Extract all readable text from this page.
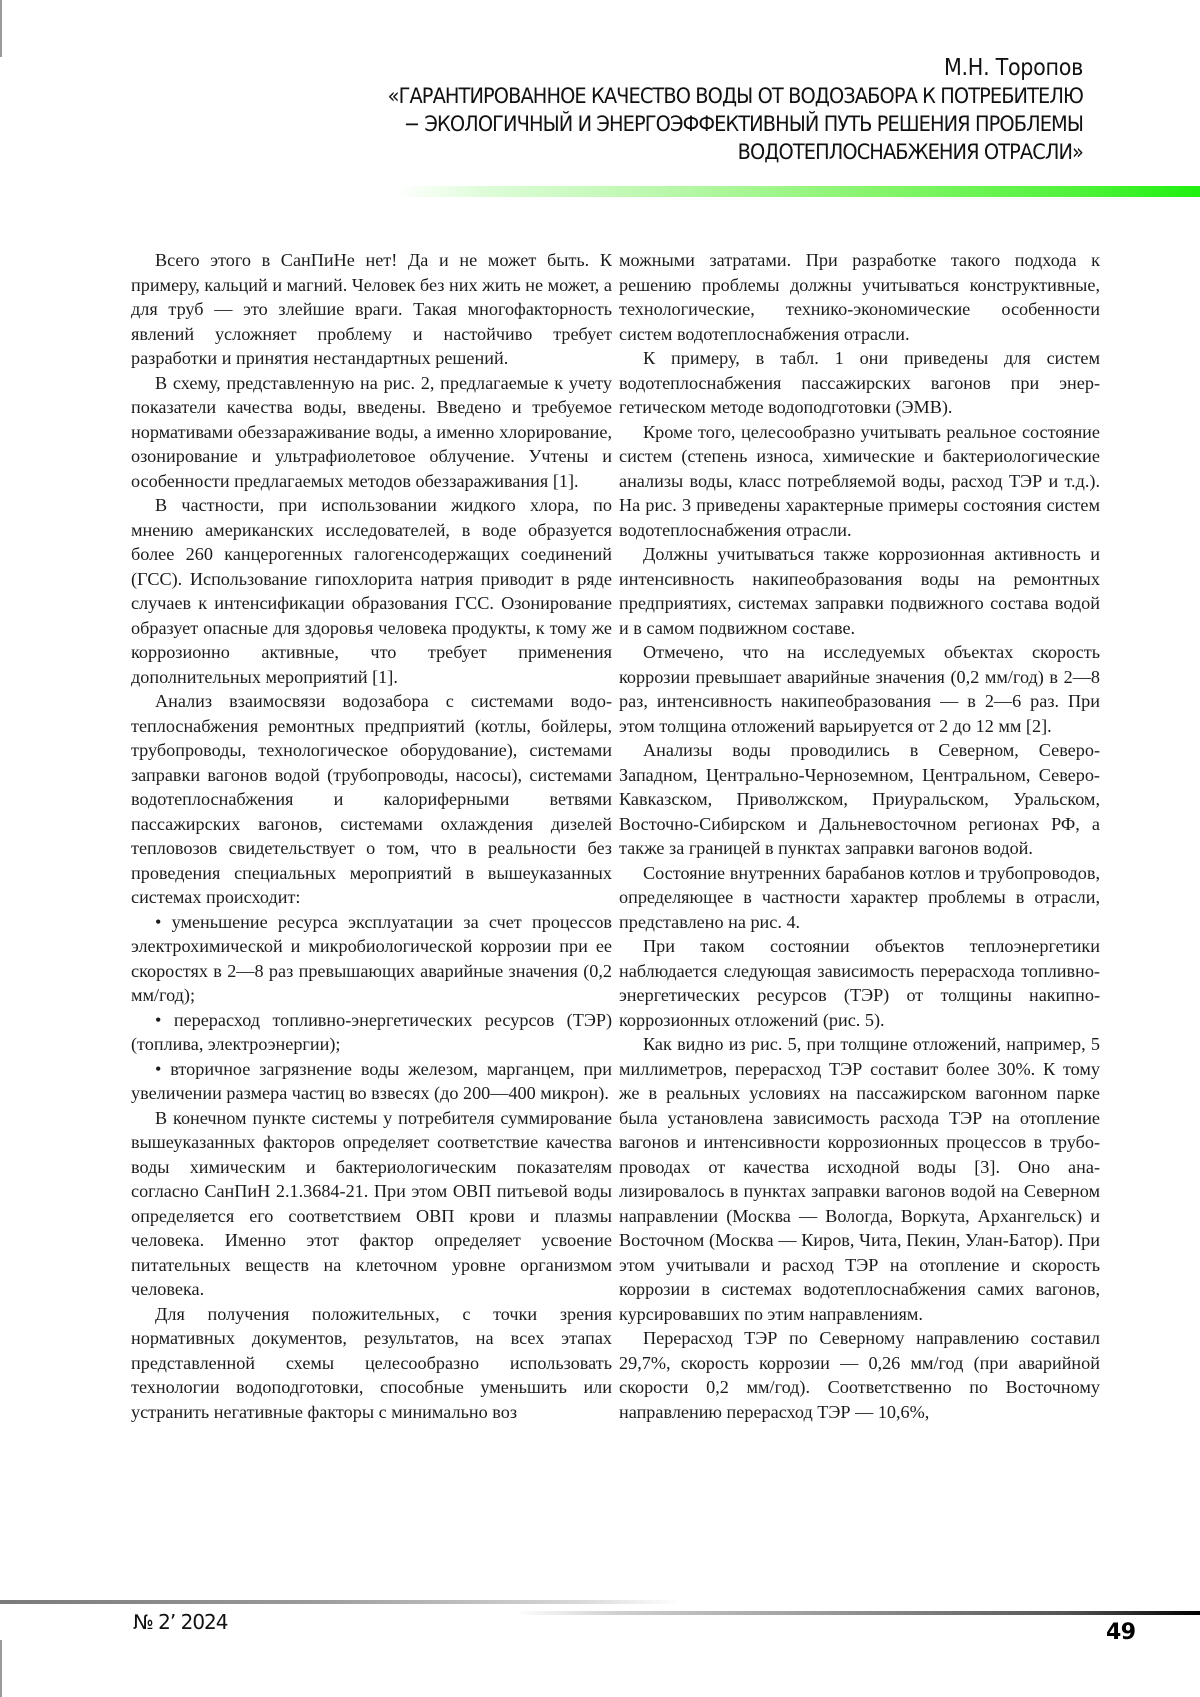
М.Н. Торопов
«ГАРАНТИРОВАННОЕ КАЧЕСТВО ВОДЫ ОТ ВОДОЗАБОРА К ПОТРЕБИТЕЛЮ
− ЭКОЛОГИЧНЫЙ И ЭНЕРГОЭФФЕКТИВНЫЙ ПУТЬ РЕШЕНИЯ ПРОБЛЕМЫ
ВОДОТЕПЛОСНАБЖЕНИЯ ОТРАСЛИ»

Всего этого в СанПиНе нет! Да и не может быть. К примеру, кальций и магний. Человек без них жить не может, а для труб — это злейшие враги. Такая многофакторность явлений усложняет проблему и настойчиво требует разработки и принятия нестандартных решений.

В схему, представленную на рис. 2, предлагаемые к учету показатели качества воды, введены. Введено и требуемое нормативами обеззараживание воды, а именно хлорирование, озонирование и ультрафиолетовое облучение. Учтены и особенности предлагаемых методов обеззараживания [1].

В частности, при использовании жидкого хлора, по мнению американских исследователей, в воде образуется более 260 канцерогенных галогенсодержащих соединений (ГСС). Использование гипохлорита натрия приводит в ряде случаев к интенсификации образования ГСС. Озонирование образует опасные для здоровья человека продукты, к тому же коррозионно активные, что требует применения дополнительных мероприятий [1].

Анализ взаимосвязи водозабора с системами водотеплоснабжения ремонтных предприятий (котлы, бойлеры, трубопроводы, технологическое оборудование), системами заправки вагонов водой (трубопроводы, насосы), системами водотеплоснабжения и калориферными ветвями пассажирских вагонов, системами охлаждения дизелей тепловозов свидетельствует о том, что в реальности без проведения специальных мероприятий в вышеуказанных системах происходит:

• уменьшение ресурса эксплуатации за счет процессов электрохимической и микробиологической коррозии при ее скоростях в 2—8 раз превышающих аварийные значения (0,2 мм/год);

• перерасход топливно-энергетических ресурсов (ТЭР) (топлива, электроэнергии);

• вторичное загрязнение воды железом, марганцем, при увеличении размера частиц во взвесях (до 200—400 микрон).

В конечном пункте системы у потребителя суммирование вышеуказанных факторов определяет соответствие качества воды химическим и бактериологическим показателям согласно СанПиН 2.1.3684-21. При этом ОВП питьевой воды определяется его соответствием ОВП крови и плазмы человека. Именно этот фактор определяет усвоение питательных веществ на клеточном уровне организмом человека.

Для получения положительных, с точки зрения нормативных документов, результатов, на всех этапах представленной схемы целесообразно использовать технологии водоподготовки, способные уменьшить или устранить негативные факторы с минимально воз

можными затратами. При разработке такого подхода к решению проблемы должны учитываться конструктивные, технологические, технико-экономические особенности систем водотеплоснабжения отрасли.

К примеру, в табл. 1 они приведены для систем водотеплоснабжения пассажирских вагонов при энергетическом методе водоподготовки (ЭМВ).

Кроме того, целесообразно учитывать реальное состояние систем (степень износа, химические и бактериологические анализы воды, класс потребляемой воды, расход ТЭР и т.д.). На рис. 3 приведены характерные примеры состояния систем водотеплоснабжения отрасли.

Должны учитываться также коррозионная активность и интенсивность накипеобразования воды на ремонтных предприятиях, системах заправки подвижного состава водой и в самом подвижном составе.

Отмечено, что на исследуемых объектах скорость коррозии превышает аварийные значения (0,2 мм/год) в 2—8 раз, интенсивность накипеобразования — в 2—6 раз. При этом толщина отложений варьируется от 2 до 12 мм [2].

Анализы воды проводились в Северном, Северо-Западном, Центрально-Черноземном, Центральном, Северо-Кавказском, Приволжском, Приуральском, Уральском, Восточно-Сибирском и Дальневосточном регионах РФ, а также за границей в пунктах заправки вагонов водой.

Состояние внутренних барабанов котлов и трубопроводов, определяющее в частности характер проблемы в отрасли, представлено на рис. 4.

При таком состоянии объектов теплоэнергетики наблюдается следующая зависимость перерасхода топливно-энергетических ресурсов (ТЭР) от толщины накипно-коррозионных отложений (рис. 5).

Как видно из рис. 5, при толщине отложений, например, 5 миллиметров, перерасход ТЭР составит более 30%. К тому же в реальных условиях на пассажирском вагонном парке была установлена зависимость расхода ТЭР на отопление вагонов и интенсивности коррозионных процессов в трубопроводах от качества исходной воды [3]. Оно анализировалось в пунктах заправки вагонов водой на Северном направлении (Москва — Вологда, Воркута, Архангельск) и Восточном (Москва — Киров, Чита, Пекин, Улан-Батор). При этом учитывали и расход ТЭР на отопление и скорость коррозии в системах водотеплоснабжения самих вагонов, курсировавших по этим направлениям.

Перерасход ТЭР по Северному направлению составил 29,7%, скорость коррозии — 0,26 мм/год (при аварийной скорости 0,2 мм/год). Соответственно по Восточному направлению перерасход ТЭР — 10,6%,

№ 2’ 2024	49
